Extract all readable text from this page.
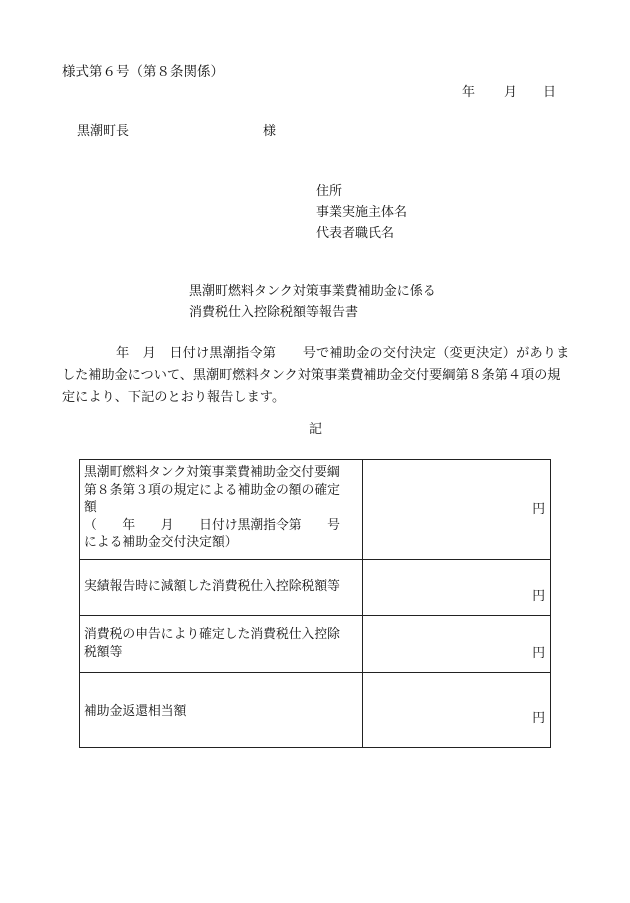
様式第６号（第８条関係）
年 月 日
黒潮町長	様
住所
事業実施主体名
代表者職氏名
黒潮町燃料タンク対策事業費補助金に係る
消費税仕入控除税額等報告書
年　月　日付け黒潮指令第　　号で補助金の交付決定（変更決定）がありま
した補助金について、黒潮町燃料タンク対策事業費補助金交付要綱第８条第４項の規
定により、下記のとおり報告します。
記
黒潮町燃料タンク対策事業費補助金交付要綱
第８条第３項の規定による補助金の額の確定
額
（　　年　　月　　日付け黒潮指令第　　号
による補助金交付決定額）	円

実績報告時に減額した消費税仕入控除税額等	円

消費税の申告により確定した消費税仕入控除
税額等	円

補助金返還相当額	円
